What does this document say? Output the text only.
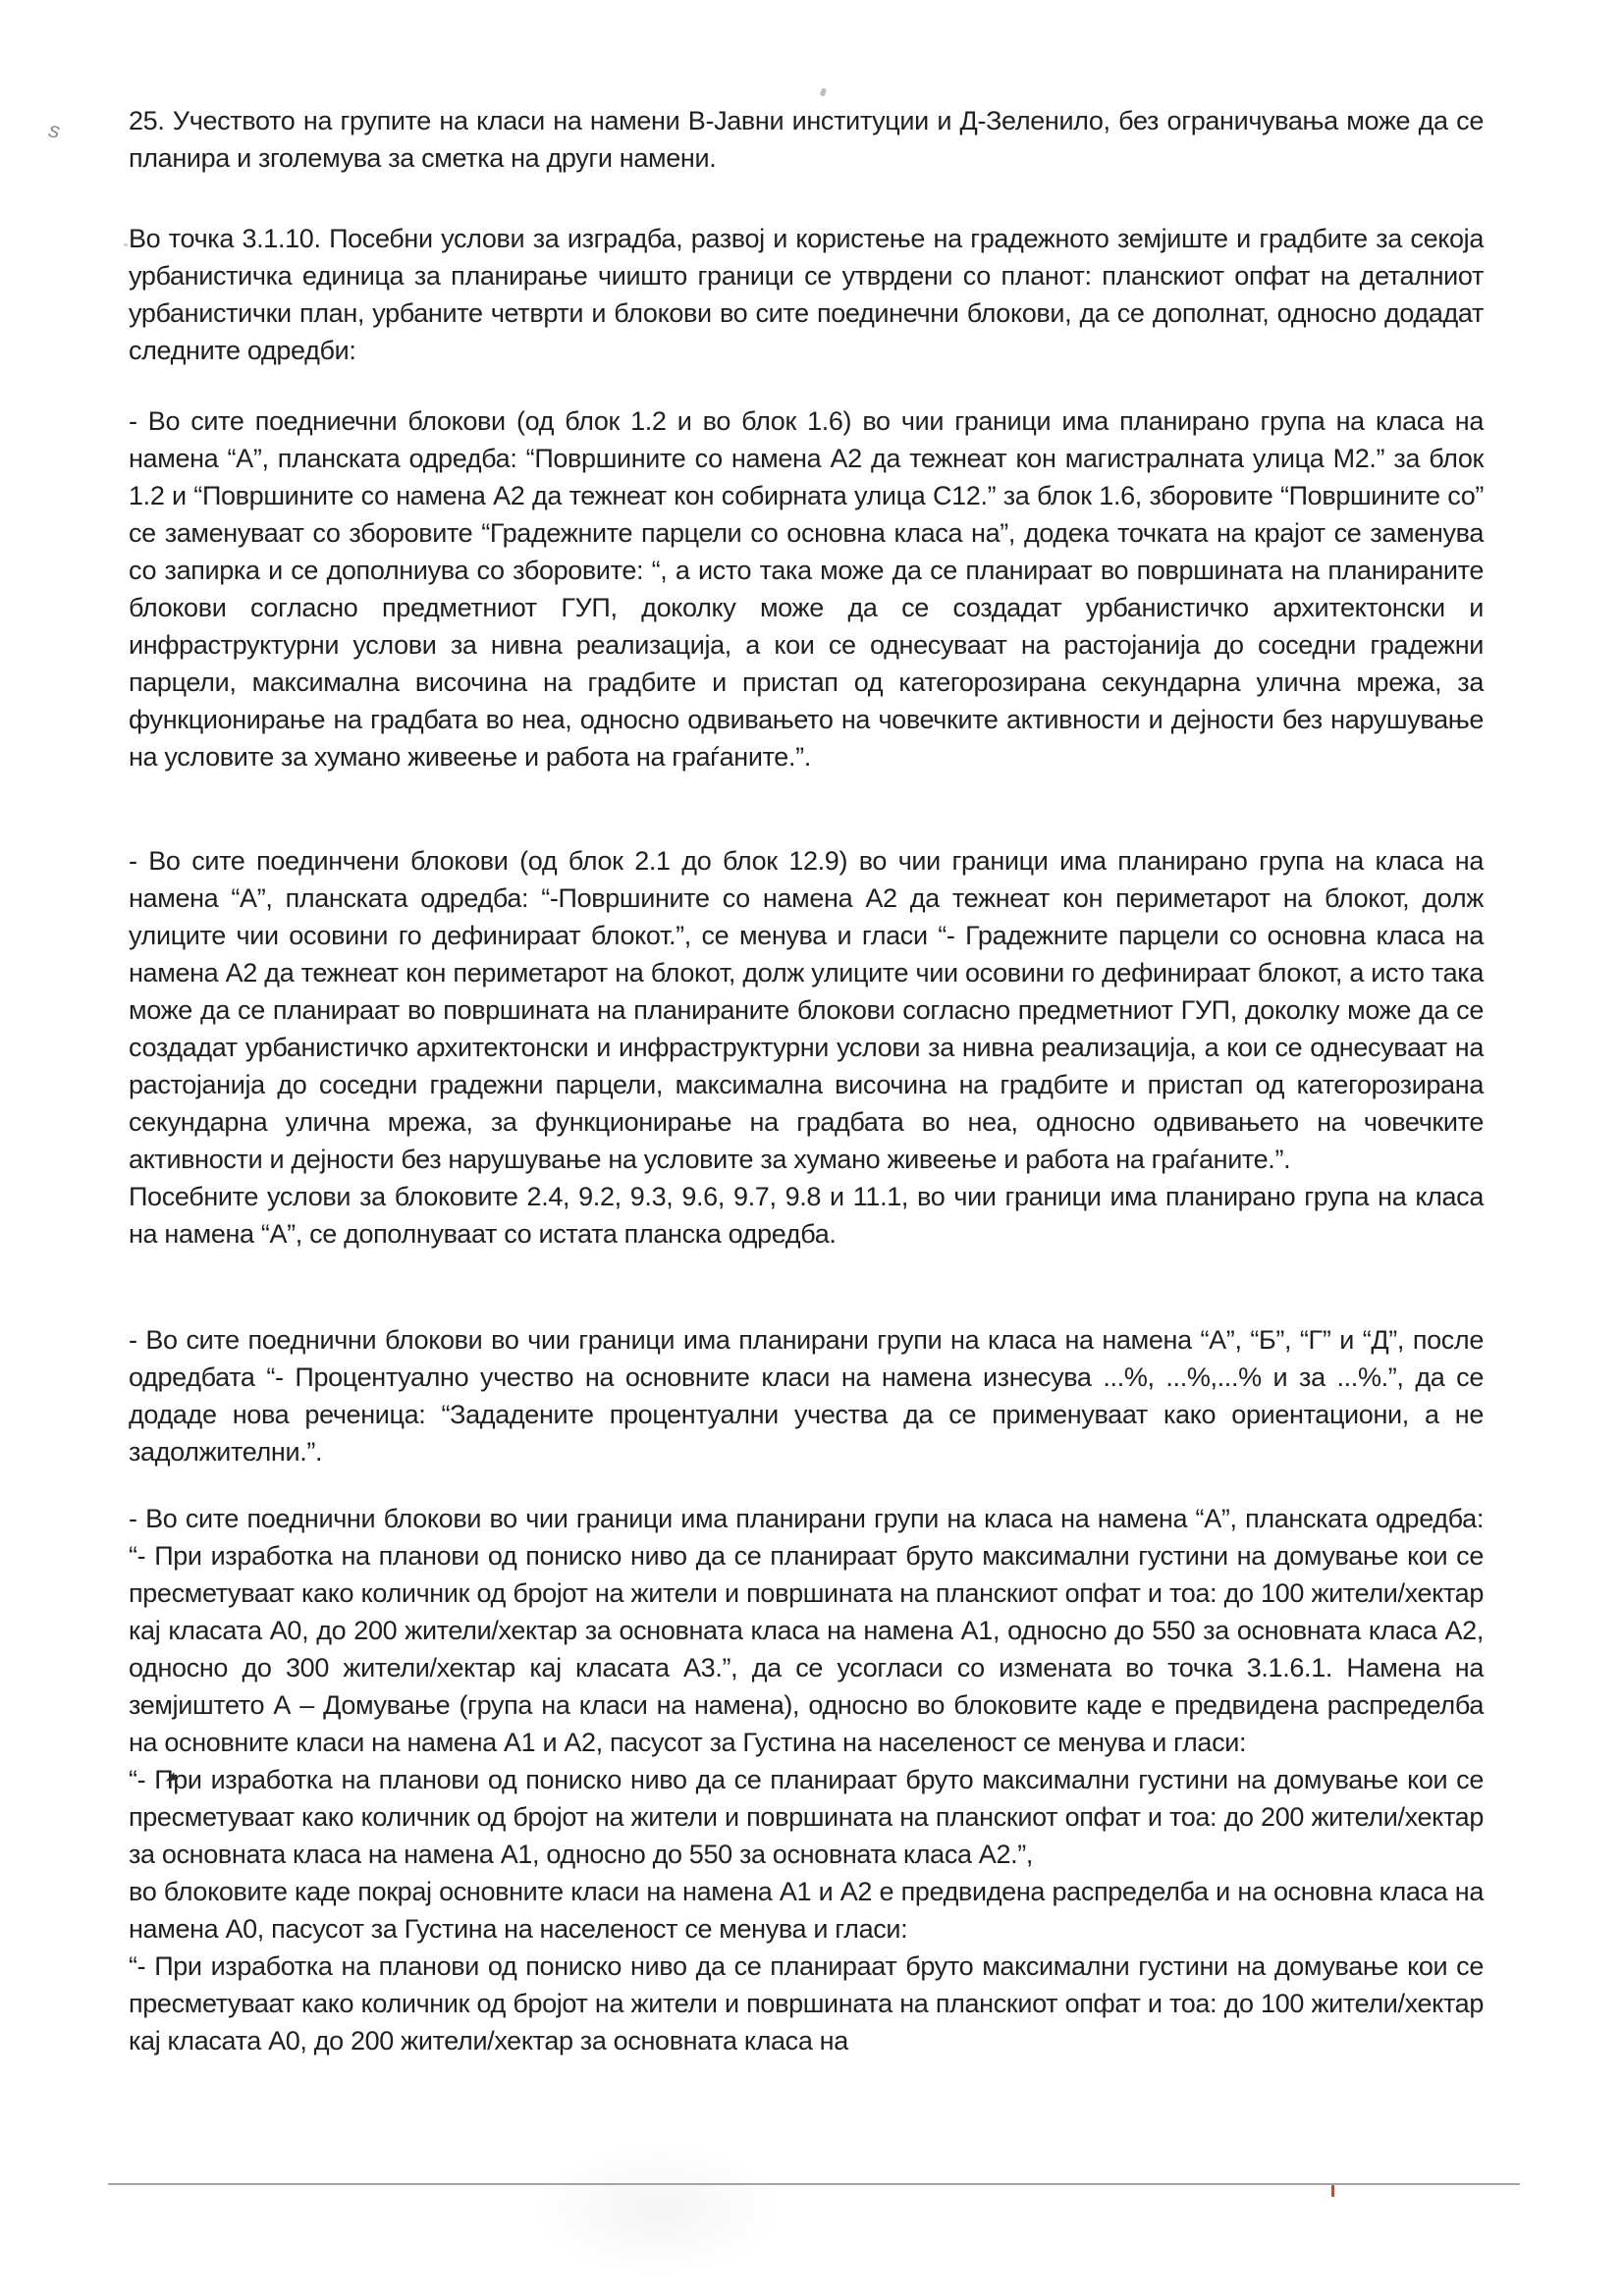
25. Учеството на групите на класи на намени В-Јавни институции и Д-Зеленило, без ограничувања може да се планира и зголемува за сметка на други намени.

Во точка 3.1.10. Посебни услови за изградба, развој и користење на градежното земјиште и градбите за секоја урбанистичка единица за планирање чиишто граници се утврдени со планот: планскиот опфат на деталниот урбанистички план, урбаните четврти и блокови во сите поединечни блокови, да се дополнат, односно додадат следните одредби:

- Во сите поедниечни блокови (од блок 1.2 и во блок 1.6) во чии граници има планирано група на класа на намена “А”, планската одредба: “Површините со намена А2 да тежнеат кон магистралната улица М2.” за блок 1.2 и “Површините со намена А2 да тежнеат кон собирната улица С12.” за блок 1.6, зборовите “Површините со” се заменуваат со зборовите “Градежните парцели со основна класа на”, додека точката на крајот се заменува со запирка и се дополниува со зборовите: “, а исто така може да се планираат во површината на планираните блокови согласно предметниот ГУП, доколку може да се создадат урбанистичко архитектонски и инфраструктурни услови за нивна реализација, а кои се однесуваат на растојанија до соседни градежни парцели, максимална височина на градбите и пристап од категорозирана секундарна улична мрежа, за функционирање на градбата во неа, односно одвивањето на човечките активности и дејности без нарушување на условите за хумано живеење и работа на граѓаните.”.

- Во сите поединчени блокови (од блок 2.1 до блок 12.9) во чии граници има планирано група на класа на намена “А”, планската одредба: “-Површините со намена А2 да тежнеат кон периметарот на блокот, долж улиците чии осовини го дефинираат блокот.”, се менува и гласи “- Градежните парцели со основна класа на намена А2 да тежнеат кон периметарот на блокот, долж улиците чии осовини го дефинираат блокот, а исто така може да се планираат во површината на планираните блокови согласно предметниот ГУП, доколку може да се создадат урбанистичко архитектонски и инфраструктурни услови за нивна реализација, а кои се однесуваат на растојанија до соседни градежни парцели, максимална височина на градбите и пристап од категорозирана секундарна улична мрежа, за функционирање на градбата во неа, односно одвивањето на човечките активности и дејности без нарушување на условите за хумано живеење и работа на граѓаните.”.
Посебните услови за блоковите 2.4, 9.2, 9.3, 9.6, 9.7, 9.8 и 11.1, во чии граници има планирано група на класа на намена “А”, се дополнуваат со истата планска одредба.

- Во сите поеднични блокови во чии граници има планирани групи на класа на намена “А”, “Б”, “Г” и “Д”, после одредбата “- Процентуално учество на основните класи на намена изнесува ...%, ...%,...% и за ...%.”, да се додаде нова реченица: “Зададените процентуални учества да се применуваат како ориентациони, а не задолжителни.”.

- Во сите поеднични блокови во чии граници има планирани групи на класа на намена “А”, планската одредба: “- При изработка на планови од пониско ниво да се планираат бруто максимални густини на домување кои се пресметуваат како количник од бројот на жители и површината на планскиот опфат и тоа: до 100 жители/хектар кај класата А0, до 200 жители/хектар за основната класа на намена А1, односно до 550 за основната класа А2, односно до 300 жители/хектар кај класата А3.”, да се усогласи со измената во точка 3.1.6.1. Намена на земјиштето А – Домување (група на класи на намена), односно во блоковите каде е предвидена распределба на основните класи на намена А1 и А2, пасусот за Густина на населеност се менува и гласи:
“- При изработка на планови од пониско ниво да се планираат бруто максимални густини на домување кои се пресметуваат како количник од бројот на жители и површината на планскиот опфат и тоа: до 200 жители/хектар за основната класа на намена А1, односно до 550 за основната класа А2.”,
во блоковите каде покрај основните класи на намена А1 и А2 е предвидена распределба и на основна класа на намена А0, пасусот за Густина на населеност се менува и гласи:
“- При изработка на планови од пониско ниво да се планираат бруто максимални густини на домување кои се пресметуваат како количник од бројот на жители и површината на планскиот опфат и тоа: до 100 жители/хектар кај класата А0, до 200 жители/хектар за основната класа на

ѕ
